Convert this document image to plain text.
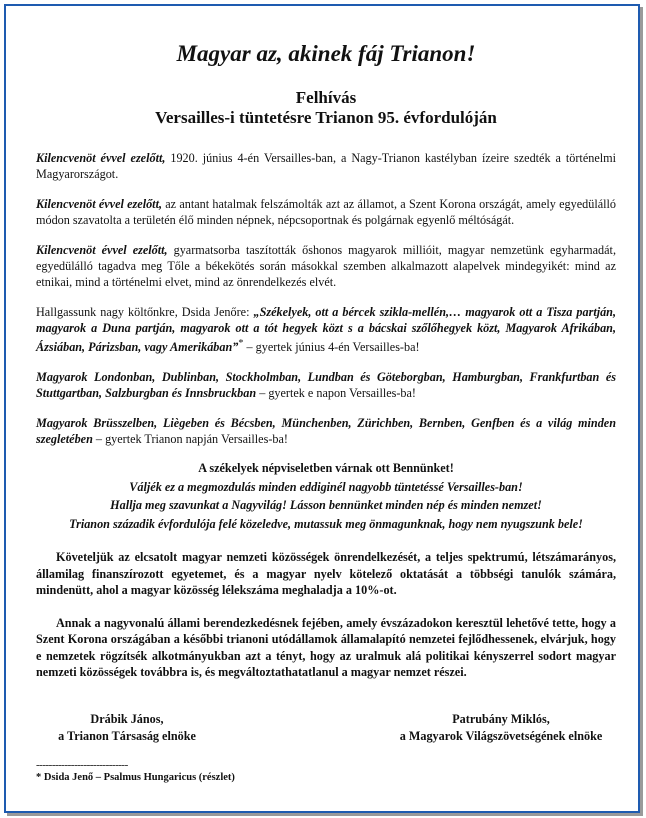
Magyar az, akinek fáj Trianon!
Felhívás
Versailles-i tüntetésre Trianon 95. évfordulóján
Kilencvenöt évvel ezelőtt, 1920. június 4-én Versailles-ban, a Nagy-Trianon kastélyban ízeire szedték a történelmi Magyarországot.
Kilencvenöt évvel ezelőtt, az antant hatalmak felszámolták azt az államot, a Szent Korona országát, amely egyedülálló módon szavatolta a területén élő minden népnek, népcsoportnak és polgárnak egyenlő méltóságát.
Kilencvenöt évvel ezelőtt, gyarmatsorba taszították őshonos magyarok millióit, magyar nemzetünk egyharmadát, egyedülálló tagadva meg Tőle a békekötés során másokkal szemben alkalmazott alapelvek mindegyikét: mind az etnikai, mind a történelmi elvet, mind az önrendelkezés elvét.
Hallgassunk nagy költőnkre, Dsida Jenőre: „Székelyek, ott a bércek szikla-mellén,… magyarok ott a Tisza partján, magyarok a Duna partján, magyarok ott a tót hegyek közt s a bácskai szőlőhegyek közt, Magyarok Afrikában, Ázsiában, Párizsban, vagy Amerikában”* – gyertek június 4-én Versailles-ba!
Magyarok Londonban, Dublinban, Stockholmban, Lundban és Göteborgban, Hamburgban, Frankfurtban és Stuttgartban, Salzburgban és Innsbruckban – gyertek e napon Versailles-ba!
Magyarok Brüsszelben, Liègeben és Bécsben, Münchenben, Zürichben, Bernben, Genfben és a világ minden szegletében – gyertek Trianon napján Versailles-ba!
A székelyek népviseletben várnak ott Bennünket!
Váljék ez a megmozdulás minden eddiginél nagyobb tüntetéssé Versailles-ban!
Hallja meg szavunkat a Nagyvilág! Lásson bennünket minden nép és minden nemzet!
Trianon századik évfordulója felé közeledve, mutassuk meg önmagunknak, hogy nem nyugszunk bele!
Követeljük az elcsatolt magyar nemzeti közösségek önrendelkezését, a teljes spektrumú, létszámarányos, államilag finanszírozott egyetemet, és a magyar nyelv kötelező oktatását a többségi tanulók számára, mindenütt, ahol a magyar közösség lélekszáma meghaladja a 10%-ot.
Annak a nagyvonalú állami berendezkedésnek fejében, amely évszázadokon keresztül lehetővé tette, hogy a Szent Korona országában a későbbi trianoni utódállamok államalapító nemzetei fejlődhessenek, elvárjuk, hogy e nemzetek rögzítsék alkotmányukban azt a tényt, hogy az uralmuk alá politikai kényszerrel sodort magyar nemzeti közösségek továbbra is, és megváltoztathatatlanul a magyar nemzet részei.
Drábik János,
a Trianon Társaság elnöke
Patrubány Miklós,
a Magyarok Világszövetségének elnöke
-----------------------------
* Dsida Jenő – Psalmus Hungaricus (részlet)
